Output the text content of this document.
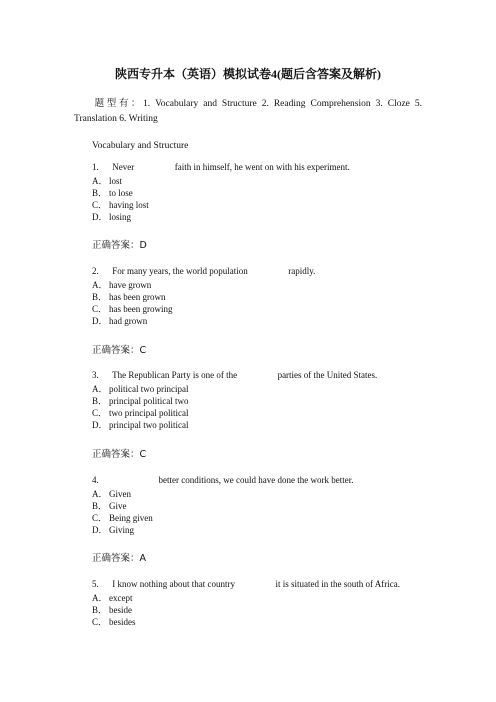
陕西专升本（英语）模拟试卷4(题后含答案及解析)
题型有：1. Vocabulary and Structure 2. Reading Comprehension 3. Cloze 5. Translation 6. Writing
Vocabulary and Structure
1. Never	faith in himself, he went on with his experiment.
A． lost
B． to lose
C． having lost
D． losing
正确答案：D
2. For many years, the world population	rapidly.
A． have grown
B． has been grown
C． has been growing
D． had grown
正确答案：C
3. The Republican Party is one of the	parties of the United States.
A． political two principal
B． principal political two
C． two principal political
D． principal two political
正确答案：C
4.	better conditions, we could have done the work better.
A． Given
B． Give
C． Being given
D． Giving
正确答案：A
5. I know nothing about that country	it is situated in the south of Africa.
A． except
B． beside
C． besides
